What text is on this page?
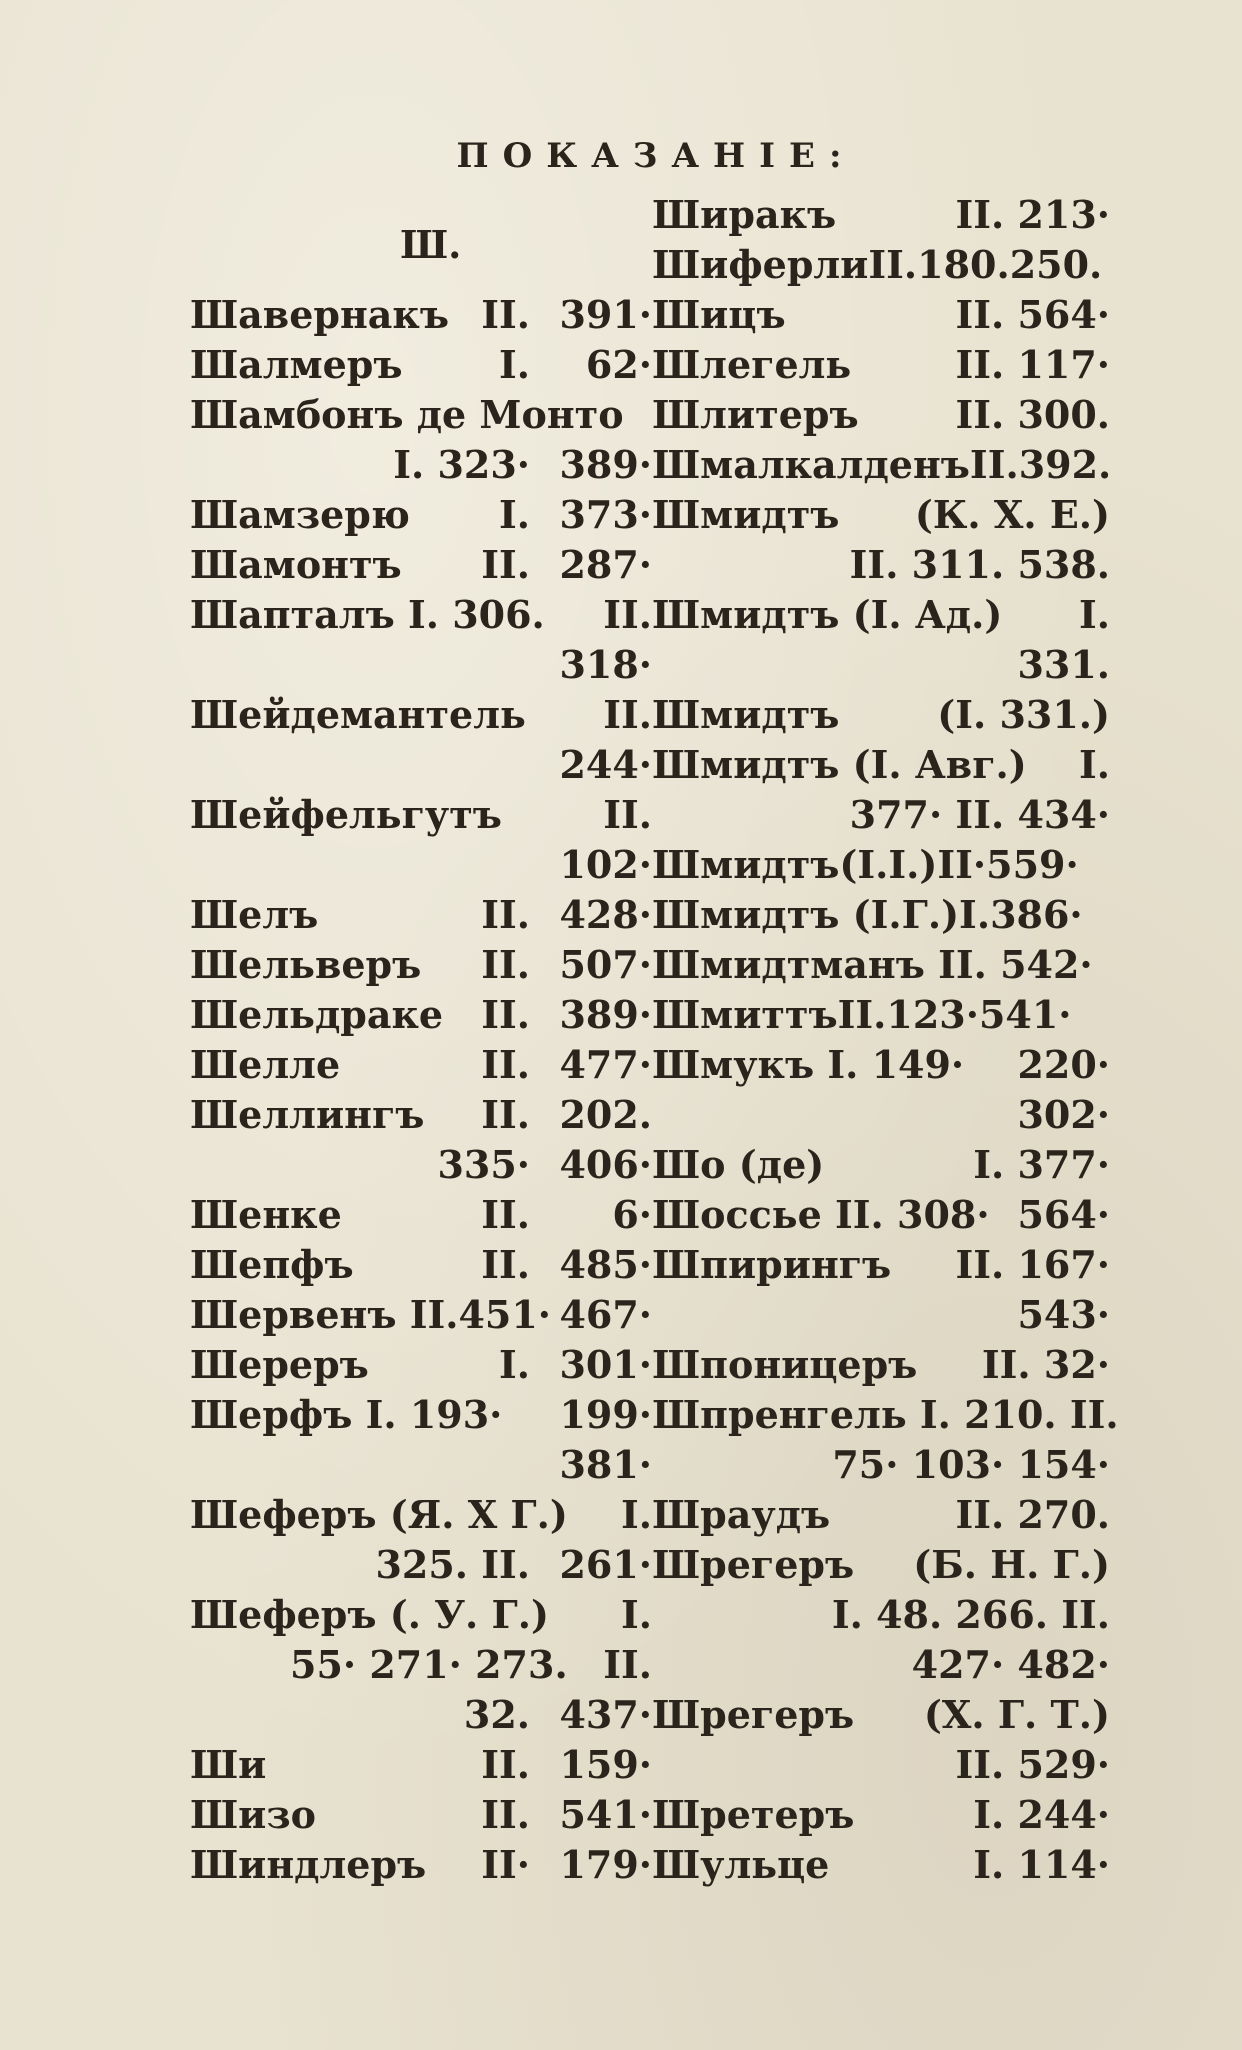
ПОКАЗАНІЕ:
Ш.
Шавернакъ II. 391·
Шалмеръ	I. 62·
Шамбонъ де Монто
I. 323· 389·
Шамзерю I. 373·
Шамонтъ II. 287·
Шапталъ I. 306. II.
318·
Шейдемантель II.
244·
Шейфельгутъ	II.
102·
Шелъ	II. 428·
Шельверъ II. 507·
Шельдраке II. 389·
Шелле	II. 477·
Шеллингъ II. 202.
335· 406·
Шенке	II. 6·
Шепфъ	II. 485·
Шервенъ II.451· 467·
Шереръ	I. 301·
Шерфъ I. 193· 199·
381·
Шеферъ (Я. Х Г.) I.
325. II. 261·
Шеферъ (. У. Г.) I.
55· 271· 273. II.
32. 437·
Ши	II. 159·
Шизо	II. 541·
Шиндлеръ II· 179·
Ширакъ	II. 213·
ШиферлиII.180.250.
Шицъ	II. 564·
Шлегель	II. 117·
Шлитеръ	II. 300.
ШмалкалденъII.392.
Шмидтъ (К. Х. Е.)
II. 311. 538.
Шмидтъ (I. Ад.) I.
331.
Шмидтъ	(I. 331.)
Шмидтъ (I. Авг.) I.
377· II. 434·
Шмидтъ(I.I.)II·559·
Шмидтъ (I.Г.)I.386·
Шмидтманъ II. 542·
ШмиттъII.123·541·
Шмукъ I. 149· 220·
302·
Шо (де)	I. 377·
Шоссье II. 308· 564·
Шпирингъ II. 167·
543·
Шпоницеръ II. 32·
Шпренгель I. 210. II.
75· 103· 154·
Шраудъ	II. 270.
Шрегеръ (Б. Н. Г.)
I. 48. 266. II.
427· 482·
Шрегеръ (Х. Г. Т.)
II. 529·
Шретеръ	I. 244·
Шульце	I. 114·
